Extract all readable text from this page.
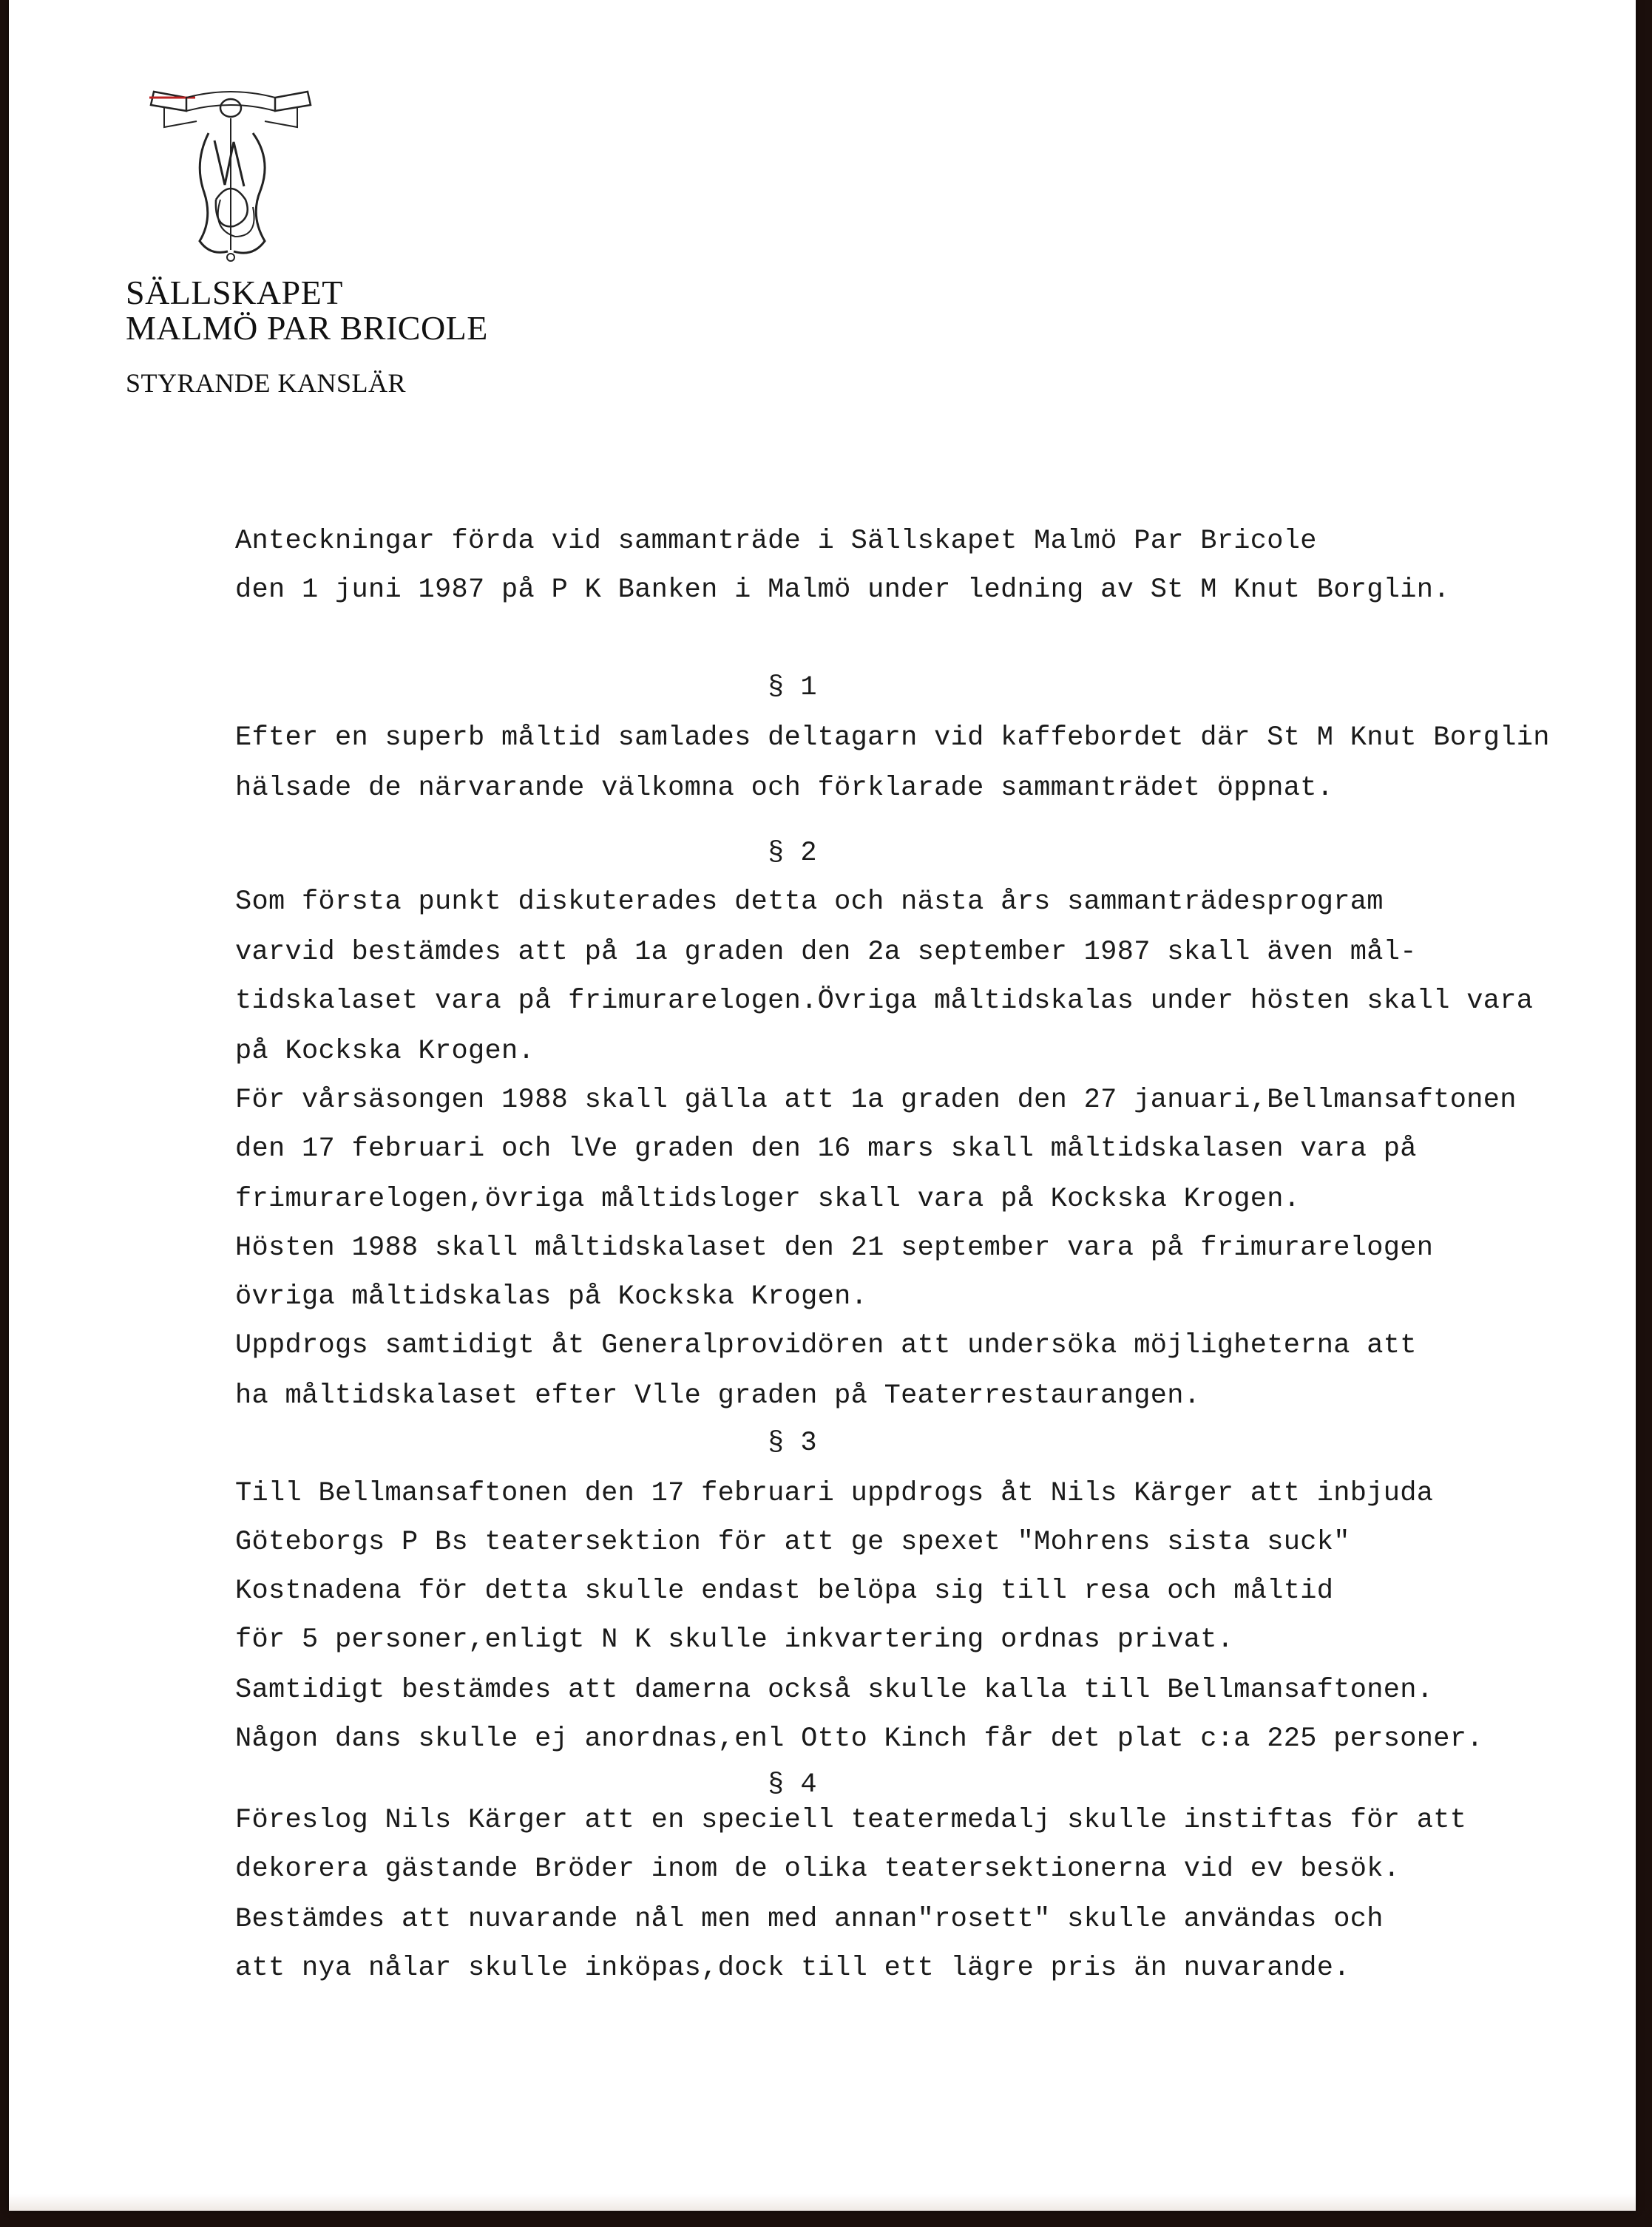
SÄLLSKAPET
MALMÖ PAR BRICOLE
STYRANDE KANSLÄR
Anteckningar förda vid sammanträde i Sällskapet Malmö Par Bricole
den 1 juni 1987 på P K Banken i Malmö under ledning av St M Knut Borglin.
§ 1
Efter en superb måltid samlades deltagarn vid kaffebordet där St M Knut Borglin
hälsade de närvarande välkomna och förklarade sammanträdet öppnat.
§ 2
Som första punkt diskuterades detta och nästa års sammanträdesprogram
varvid bestämdes att på 1a graden den 2a september 1987 skall även mål-
tidskalaset vara på frimurarelogen.Övriga måltidskalas under hösten skall vara
på Kockska Krogen.
För vårsäsongen 1988 skall gälla att 1a graden den 27 januari,Bellmansaftonen
den 17 februari och lVe graden den 16 mars skall måltidskalasen vara på
frimurarelogen,övriga måltidsloger skall vara på Kockska Krogen.
Hösten 1988 skall måltidskalaset den 21 september vara på frimurarelogen
övriga måltidskalas på Kockska Krogen.
Uppdrogs samtidigt åt Generalprovidören att undersöka möjligheterna att
ha måltidskalaset efter Vlle graden på Teaterrestaurangen.
§ 3
Till Bellmansaftonen den 17 februari uppdrogs åt Nils Kärger att inbjuda
Göteborgs P Bs teatersektion för att ge spexet "Mohrens sista suck"
Kostnadena för detta skulle endast belöpa sig till resa och måltid
för 5 personer,enligt N K skulle inkvartering ordnas privat.
Samtidigt bestämdes att damerna också skulle kalla till Bellmansaftonen.
Någon dans skulle ej anordnas,enl Otto Kinch får det plat c:a 225 personer.
§ 4
Föreslog Nils Kärger att en speciell teatermedalj skulle instiftas för att
dekorera gästande Bröder inom de olika teatersektionerna vid ev besök.
Bestämdes att nuvarande nål men med annan"rosett" skulle användas och
att nya nålar skulle inköpas,dock till ett lägre pris än nuvarande.
